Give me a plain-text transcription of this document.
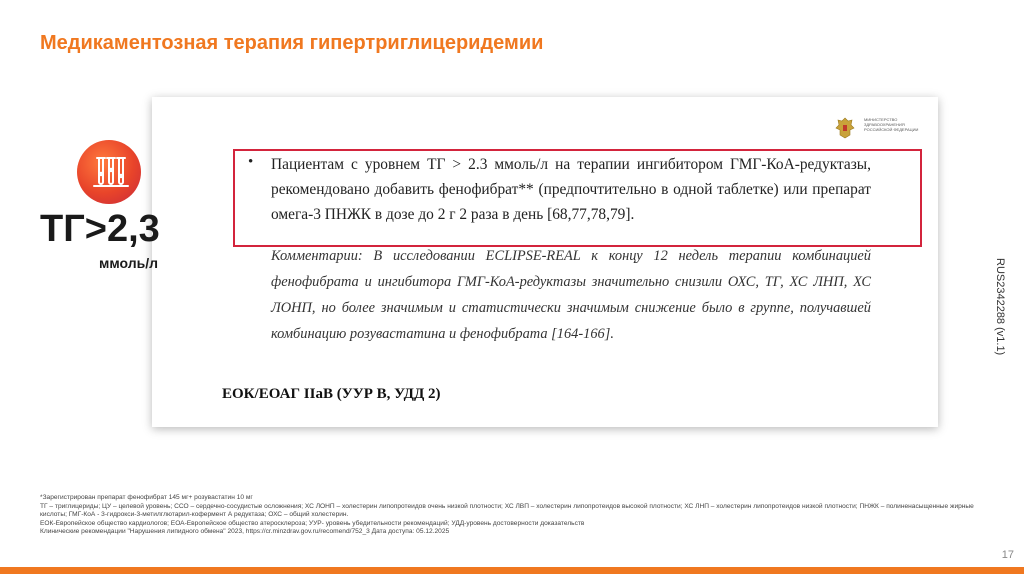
Медикаментозная терапия гипертриглицеридемии
МИНИСТЕРСТВО ЗДРАВООХРАНЕНИЯ РОССИЙСКОЙ ФЕДЕРАЦИИ
• Пациентам с уровнем ТГ > 2.3 ммоль/л на терапии ингибитором ГМГ-КоА-редуктазы, рекомендовано добавить фенофибрат** (предпочтительно в одной таблетке) или препарат омега-3 ПНЖК в дозе до 2 г 2 раза в день [68,77,78,79].
Комментарии: В исследовании ECLIPSE-REAL к концу 12 недель терапии комбинацией фенофибрата и ингибитора ГМГ-КоА-редуктазы значительно снизили ОХС, ТГ, ХС ЛНП, ХС ЛОНП, но более значимым и статистически значимым снижение было в группе, получавшей комбинацию розувастатина и фенофибрата [164-166].
ЕОК/ЕОАГ IIaB (УУР В, УДД 2)
ТГ>2,3
ммоль/л	RUS2342288 (v1.1)
*Зарегистрирован препарат фенофибрат 145 мг+ розувастатин 10 мг
ТГ – триглицериды; ЦУ – целевой уровень; ССО – сердечно-сосудистые осложнения; ХС ЛОНП – холестерин липопротеидов очень низкой плотности; ХС ЛВП – холестерин липопротеидов высокой плотности; ХС ЛНП – холестерин липопротеидов низкой плотности; ПНЖК – полиненасыщенные жирные кислоты; ГМГ-КоА - 3-гидрокси-3-метилглютарил-кофермент А редуктаза; ОХС – общий холестерин.
ЕОК-Европейское общество кардиологов; ЕОА-Европейское общество атеросклероза; УУР- уровень убедительности рекомендаций; УДД-уровень достоверности доказательств
Клинические рекомендации "Нарушения липидного обмена" 2023, https://cr.minzdrav.gov.ru/recomend/752_3 Дата доступа: 05.12.2025
17
